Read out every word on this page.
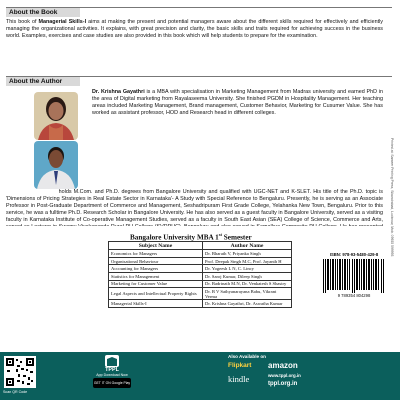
About the Book
This book of Managerial Skills-I aims at making the present and potential managers aware about the different skills required for effectively and efficiently managing the organizational activities. It explains, with great precision and clarity, the basic skills and traits required for achieving success in the business world. Examples, exercises and case studies are also provided in this book which will help students to prepare for the examination.
About the Author
Dr. Krishna Gayathri is a MBA with specialisation in Marketing Management from Madras university and earned PhD in the area of Digital marketing from Rayalaseema University. She finished PGDM in Hospitality Management. Her teaching areas included Marketing Management, Brand management, Customer Behavior, Marketing for Cusumer Value. She has worked as assistant professor, HOD and Research head in different colleges.
holds M.Com. and Ph.D. degrees from Bangalore University and qualified with UGC-NET and K-SLET. His title of the Ph.D. topic is 'Dimensions of Pricing Strategies in Real Estate Sector in Karnataka'- A Study with Special Reference to Bengaluru. Presently, he is serving as an Associate Professor in Post-Graduate Department of Commerce and Management, Seshadripuram First Grade College, Yelahanka New Town, Bengaluru. Prior to this service, he was a fulltime Ph.D. Research Scholar in Bangalore University. He has also served as a guest faculty in Bangalore University, served as a visiting faculty in Karnataka Institute of Co-operative Management Studies, served as a faculty in South East Asian (SEA) College of Science, Commerce and Arts, Printed at: Sameer Printing Press, Sikandrabad, Lucknow, Mob. 09935 599993
Bangalore University MBA 1st Semester
Subject Name	Author Name
Economics for Managers	Dr. Bharath V, Priyanka Singh
Organisational Behaviour	Prof. Deepak Singh M.C, Prof. Jayanth H
Accounting for Managers	Dr. Yogeesh L N, C. Lincy
Statistics for Management	Dr. Saroj Kumar, Dileep Singh
Marketing for Customer Value	Dr. Badrinath M.N, Dr. Venkatesh S Shastry
Legal Aspects and Intellectual Property Rights	Dr. B V Sathyanarayana Babu, Vikrant Verma
Managerial Skills-I	Dr. Krishna Gayathri, Dr. Aswatha Kumar
ISBN: 978-93-5480-429-8
9 789354 804298
Scan QR Code
TPPL
App Download Now
GET IT ON Google Play
Also Available on
Flipkart amazon
kindle	www.tppl.org.in
tppl.org.in
